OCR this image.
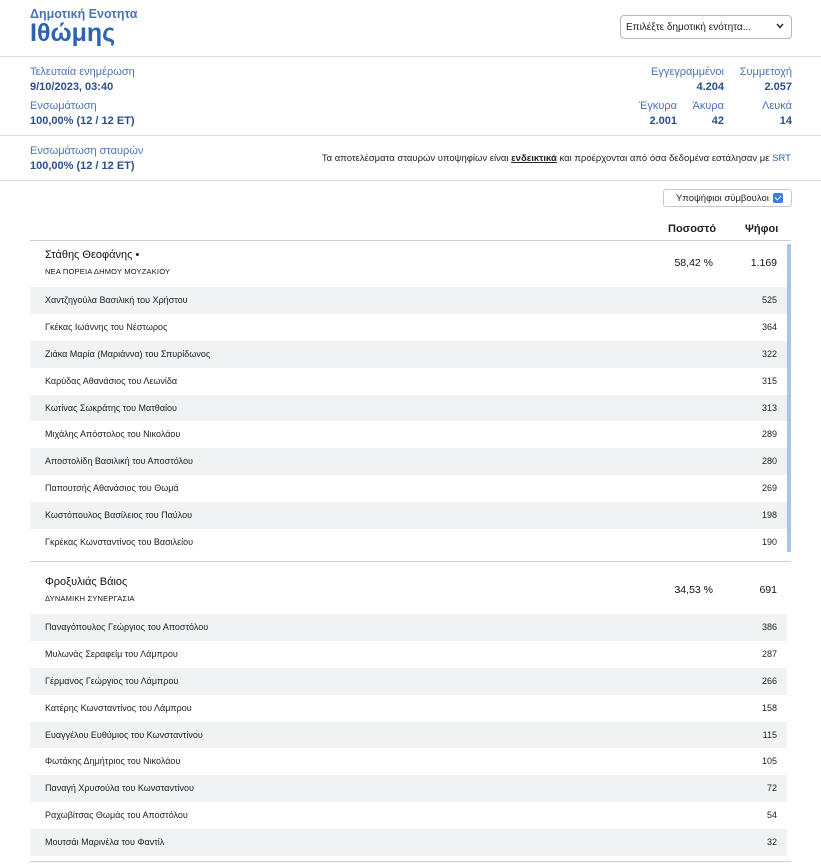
Δημοτική Ενοτητα
Ιθώμης	Επιλέξτε δημοτική ενότητα...
Τελευταία ενημέρωση
9/10/2023, 03:40
Ενσωμάτωση
100,00% (12 / 12 ΕΤ)
Εγγεγραμμένοι
4.204
Συμμετοχή
2.057
Έγκυρα
2.001
Άκυρα
42
Λευκά
14
Ενσωμάτωση σταυρών
100,00% (12 / 12 ΕΤ)
Τα αποτελέσματα σταυρών υποψηφίων είναι ενδεικτικά και προέρχονται από όσα δεδομένα εστάλησαν με SRT
Υποψήφιοι σύμβουλοι
Ποσοστό	Ψήφοι
Στάθης Θεοφάνης •
ΝΕΑ ΠΟΡΕΙΑ ΔΗΜΟΥ ΜΟΥΖΑΚΙΟΥ
58,42 %	1.169
Χαντζηγούλα Βασιλική του Χρήστου	525
Γκέκας Ιωάννης του Νέστωρος	364
Ζιάκα Μαρία (Μαριάννα) του Σπυρίδωνος	322
Καρύδας Αθανάσιος του Λεωνίδα	315
Κωτίνας Σωκράτης του Ματθαίου	313
Μιχάλης Απόστολος του Νικολάου	289
Αποστολίδη Βασιλική του Αποστόλου	280
Παπουτσής Αθανάσιος του Θωμά	269
Κωστόπουλος Βασίλειος του Παύλου	198
Γκρέκας Κωνσταντίνος του Βασιλείου	190
Φροξυλιάς Βάιος
ΔΥΝΑΜΙΚΗ ΣΥΝΕΡΓΑΣΙΑ
34,53 %	691
Παναγόπουλος Γεώργιος του Αποστόλου	386
Μυλωνάς Σεραφείμ του Λάμπρου	287
Γέρμανος Γεώργιος του Λάμπρου	266
Κατέρης Κωνσταντίνος του Λάμπρου	158
Ευαγγέλου Ευθύμιος του Κωνσταντίνου	115
Φωτάκης Δημήτριος του Νικολάου	105
Παναγή Χρυσούλα του Κωνσταντίνου	72
Ραχωβίτσας Θωμάς του Αποστόλου	54
Μουτσάι Μαρινέλα του Φαντίλ	32
